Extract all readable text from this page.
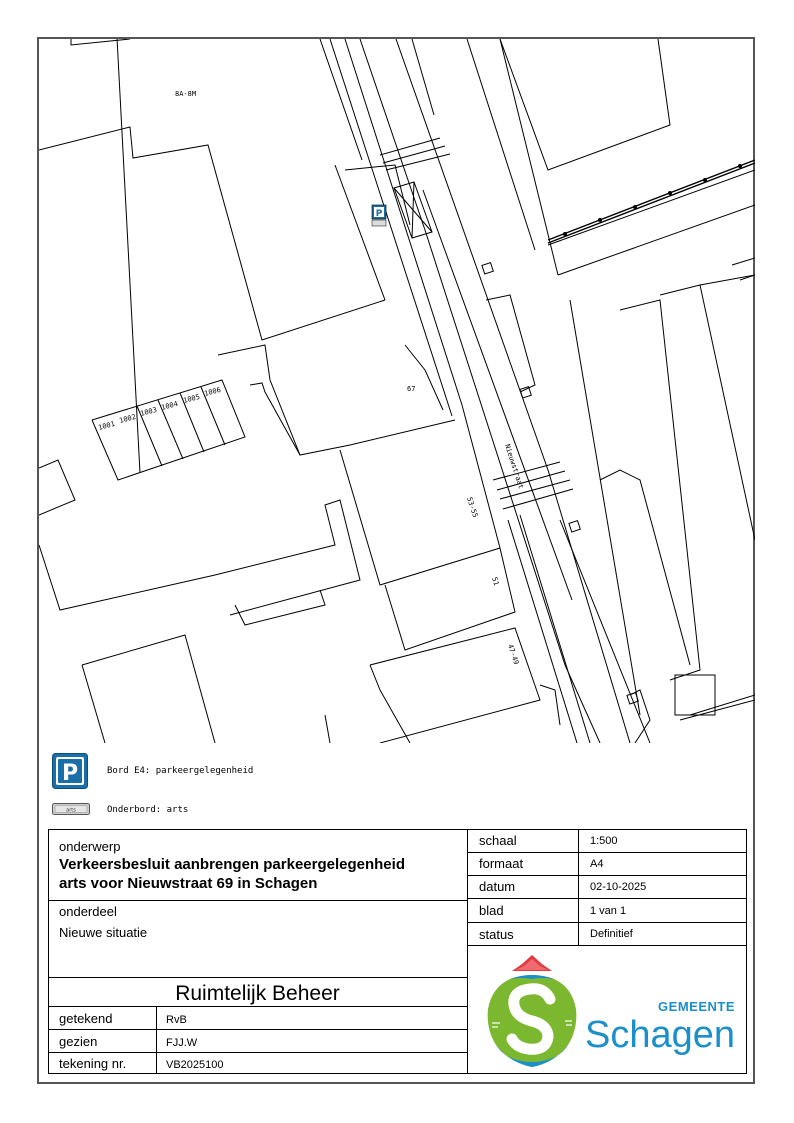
P
8A-8M
67
Nieuwstraat
53-55
51
47-49
1001
1002
1003 1004
1005
1006
P	Bord E4: parkeergelegenheid
arts	Onderbord: arts
onderwerp
Verkeersbesluit aanbrengen parkeergelegenheid
arts voor Nieuwstraat 69 in Schagen
onderdeel
Nieuwe situatie
Ruimtelijk Beheer
getekend	RvB
gezien	FJJ.W
tekening nr.	VB2025100
schaal	1:500
formaat	A4
datum	02-10-2025
blad	1 van 1
status	Definitief
GEMEENTE
Schagen
